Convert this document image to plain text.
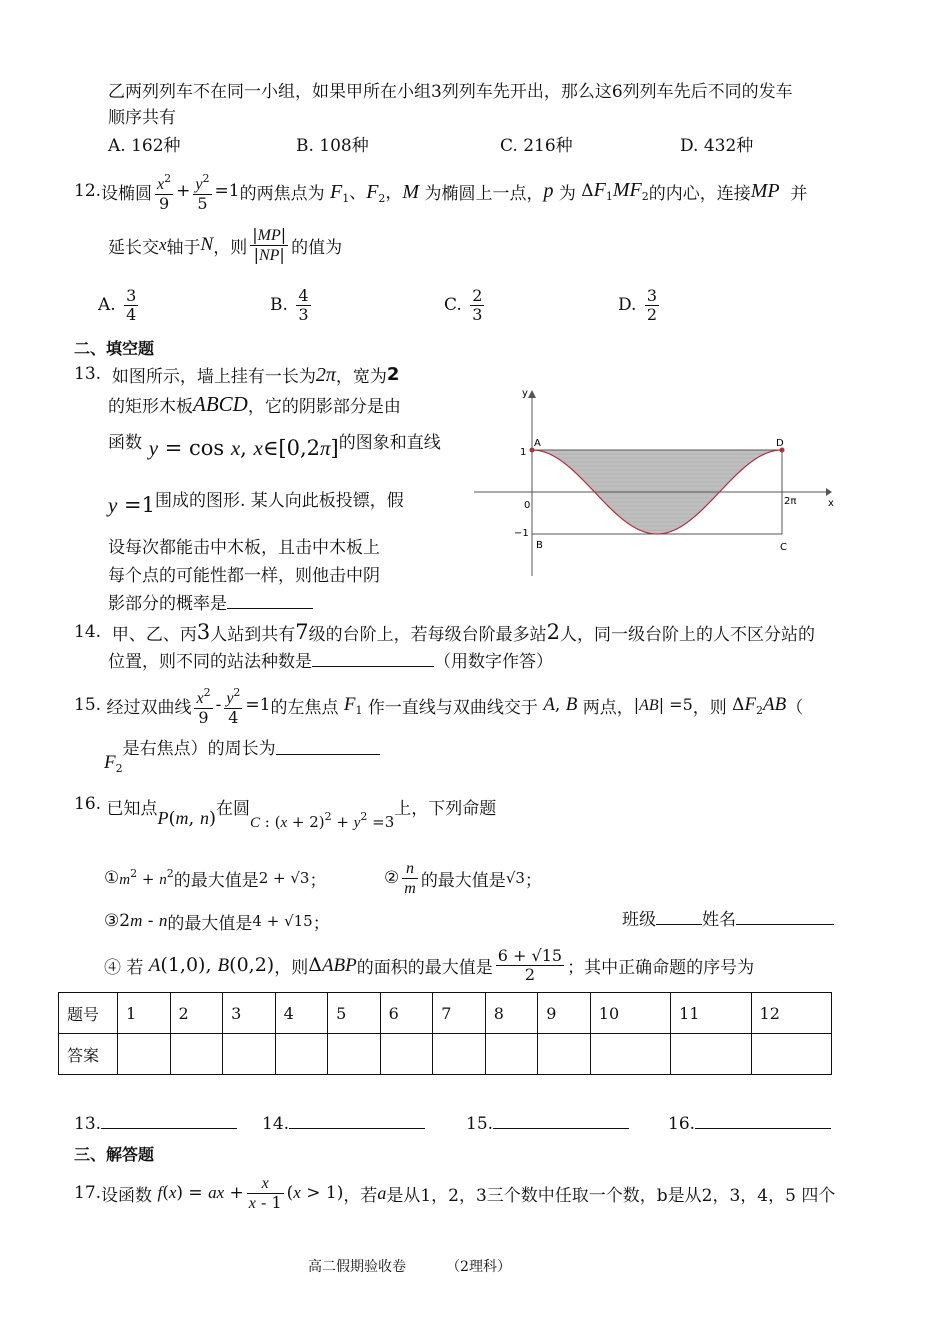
乙两列列车不在同一小组，如果甲所在小组3列列车先开出，那么这6列列车先后不同的发车
顺序共有
A. 162种	B. 108种	C. 216种	D. 432种
12. 设椭圆 $\frac{x^2}{9} + \frac{y^2}{5} =1$ 的两焦点为 $F_1$、$F_2$，M 为椭圆上一点， p
为 $\Delta F_1MF_2$ 的内心，连接 MP
并
延长交 x 轴于 N ，则 $\frac{|MP|}{|NP|}$ 的值为
A.
$\frac{3}{4}$	B.
$\frac{4}{3}$	C.
$\frac{2}{3}$	D.
$\frac{3}{2}$
二、填空题
13.
如图所示，墙上挂有一长为 2π ，宽为 2
的矩形木板 ABCD ，它的阴影部分是由
函数 y = cos x, x∈[0,2π] 的图象和直线
y =1 围成的图形. 某人向此板投镖，假
设每次都能击中木板，且击中木板上
每个点的可能性都一样，则他击中阴
影部分的概率是
y
x
1
0
−1
2π
A
B	C
D
14.
甲、乙、丙 3 人站到共有 7 级的台阶上，若每级台阶最多站 2 人，同一级台阶上的人不区分站的
位置，则不同的站法种数是	（用数字作答）
15.
经过双曲线 $\frac{x^2}{9} - \frac{y^2}{4} =1$ 的左焦点 $F_1$ 作一直线与双曲线交于 A, B 两点， |AB| =5 ，则 $\Delta F_2AB$ （
$F_2$
是右焦点）的周长为
16.
已知点 P(m, n) 在圆
C : $(x + 2)^2 + y^2 =3$
上，下列命题
① $m^2 + n^2$ 的最大值是 2 + √3 ；	② $\frac{n}{m}$ 的最大值是 √3 ；
③ 2m - n 的最大值是 4 + √15 ；	班级	姓名
④ 若
A(1,0), B(0,2) ，则 ΔABP 的面积的最大值是 $\frac{6 + √15}{2}$ ；其中正确命题的序号为
题号	1	2	3	4	5	6	7	8	9	10	11	12
答案												
13.	14.	15.	16.
三、解答题
17. 设函数 f(x) = ax + $\frac{x}{x - 1} (x > 1)$ ，若 a 是从1，2，3三个数中任取一个数，b是从2，3，4，5 四个
高二假期验收卷	（2理科）
